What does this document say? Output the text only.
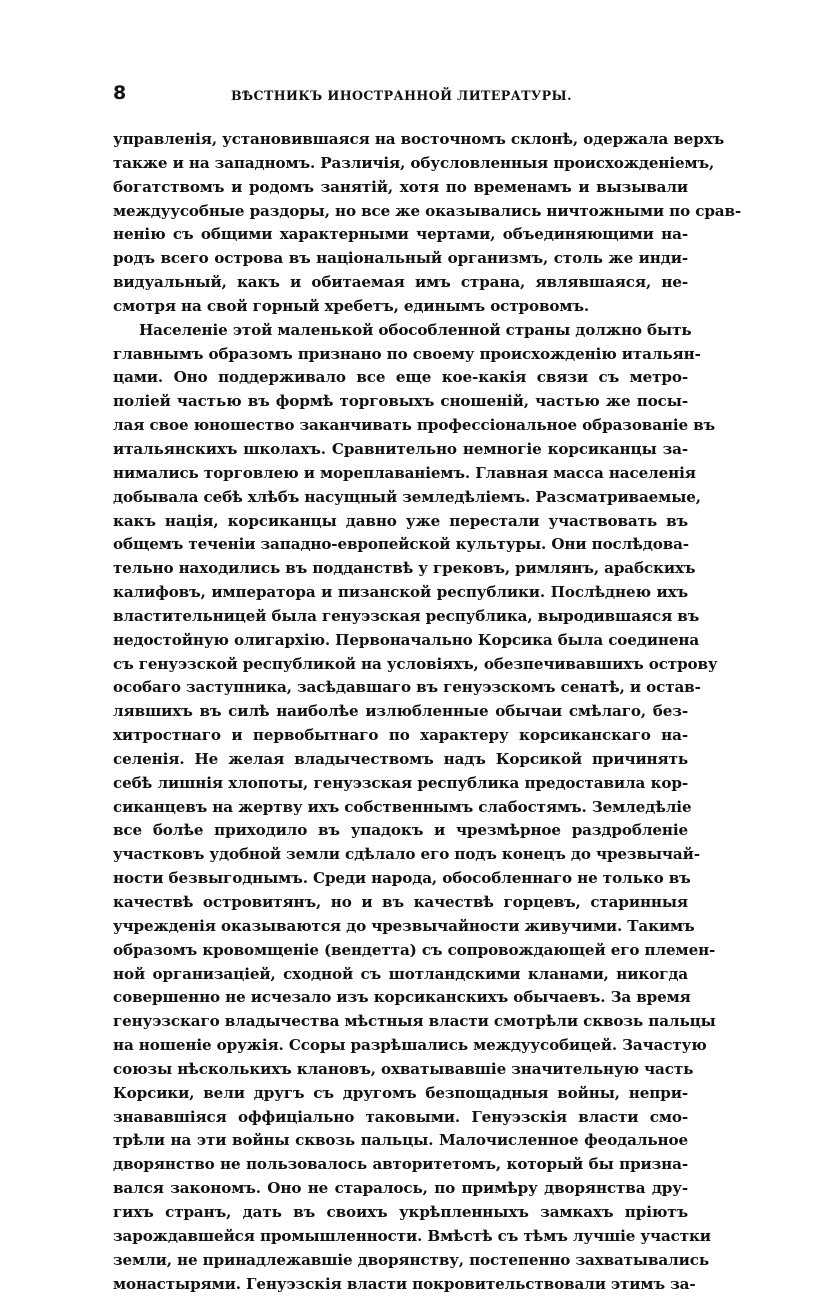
8	ВѢСТНИКЪ ИНОСТРАННОЙ ЛИТЕРАТУРЫ.
управленія, установившаяся на восточномъ склонѣ, одержала верхъ
также и на западномъ. Различія, обусловленныя происхожденіемъ,
богатствомъ и родомъ занятій, хотя по временамъ и вызывали
междуусобные раздоры, но все же оказывались ничтожными по срав-
ненію съ общими характерными чертами, объединяющими на-
родъ всего острова въ національный организмъ, столь же инди-
видуальный, какъ и обитаемая имъ страна, являвшаяся, не-
смотря на свой горный хребетъ, единымъ островомъ.
Населеніе этой маленькой обособленной страны должно быть
главнымъ образомъ признано по своему происхожденію итальян-
цами. Оно поддерживало все еще кое-какія связи съ метро-
поліей частью въ формѣ торговыхъ сношеній, частью же посы-
лая свое юношество заканчивать профессіональное образованіе въ
итальянскихъ школахъ. Сравнительно немногіе корсиканцы за-
нимались торговлею и мореплаваніемъ. Главная масса населенія
добывала себѣ хлѣбъ насущный земледѣліемъ. Разсматриваемые,
какъ нація, корсиканцы давно уже перестали участвовать въ
общемъ теченіи западно-европейской культуры. Они послѣдова-
тельно находились въ подданствѣ у грековъ, римлянъ, арабскихъ
калифовъ, императора и пизанской республики. Послѣднею ихъ
властительницей была генуэзская республика, выродившаяся въ
недостойную олигархію. Первоначально Корсика была соединена
съ генуэзской республикой на условіяхъ, обезпечивавшихъ острову
особаго заступника, засѣдавшаго въ генуэзскомъ сенатѣ, и остав-
лявшихъ въ силѣ наиболѣе излюбленные обычаи смѣлаго, без-
хитростнаго и первобытнаго по характеру корсиканскаго на-
селенія. Не желая владычествомъ надъ Корсикой причинять
себѣ лишнія хлопоты, генуэзская республика предоставила кор-
сиканцевъ на жертву ихъ собственнымъ слабостямъ. Земледѣліе
все болѣе приходило въ упадокъ и чрезмѣрное раздробленіе
участковъ удобной земли сдѣлало его подъ конецъ до чрезвычай-
ности безвыгоднымъ. Среди народа, обособленнаго не только въ
качествѣ островитянъ, но и въ качествѣ горцевъ, старинныя
учрежденія оказываются до чрезвычайности живучими. Такимъ
образомъ кровомщеніе (вендетта) съ сопровождающей его племен-
ной организаціей, сходной съ шотландскими кланами, никогда
совершенно не исчезало изъ корсиканскихъ обычаевъ. За время
генуэзскаго владычества мѣстныя власти смотрѣли сквозь пальцы
на ношеніе оружія. Ссоры разрѣшались междуусобицей. Зачастую
союзы нѣсколькихъ клановъ, охватывавшіе значительную часть
Корсики, вели другъ съ другомъ безпощадныя войны, непри-
знававшіяся оффиціально таковыми. Генуэзскія власти смо-
трѣли на эти войны сквозь пальцы. Малочисленное феодальное
дворянство не пользовалось авторитетомъ, который бы призна-
вался закономъ. Оно не старалось, по примѣру дворянства дру-
гихъ странъ, дать въ своихъ укрѣпленныхъ замкахъ пріютъ
зарождавшейся промышленности. Вмѣстѣ съ тѣмъ лучшіе участки
земли, не принадлежавшіе дворянству, постепенно захватывались
монастырями. Генуэзскія власти покровительствовали этимъ за-
